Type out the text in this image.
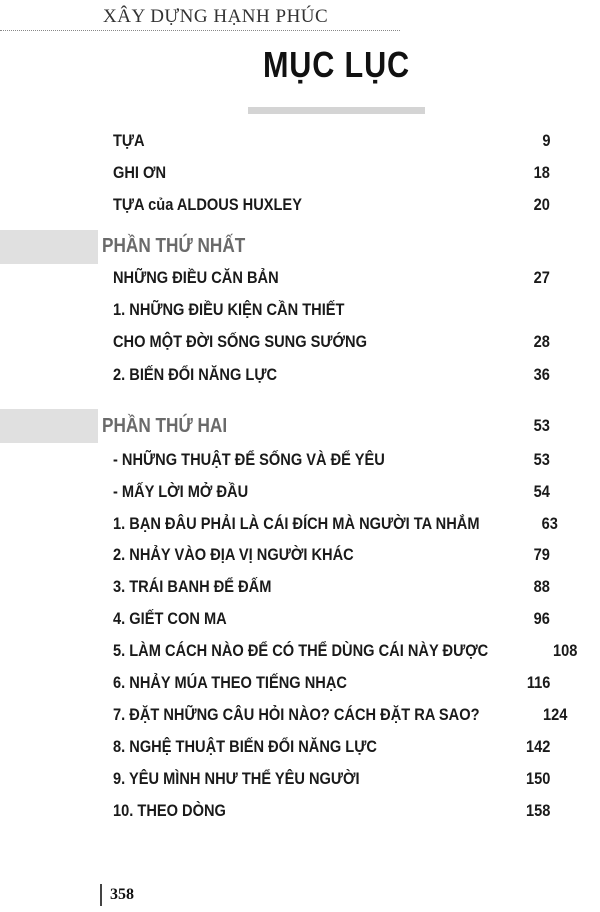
XÂY DỰNG HẠNH PHÚC
MỤC LỤC
TỰA	9
GHI ƠN	18
TỰA của ALDOUS HUXLEY	20
PHẦN THỨ NHẤT
NHỮNG ĐIỀU CĂN BẢN	27
1. NHỮNG ĐIỀU KIỆN CẦN THIẾT
CHO MỘT ĐỜI SỐNG SUNG SƯỚNG	28
2. BIẾN ĐỔI NĂNG LỰC	36
PHẦN THỨ HAI	53
- NHỮNG THUẬT ĐỂ SỐNG VÀ ĐỂ YÊU	53
- MẤY LỜI MỞ ĐẦU	54
1. BẠN ĐÂU PHẢI LÀ CÁI ĐÍCH MÀ NGƯỜI TA NHẮM	63
2. NHẢY VÀO ĐỊA VỊ NGƯỜI KHÁC	79
3. TRÁI BANH ĐỂ ĐẤM	88
4. GIẾT CON MA	96
5. LÀM CÁCH NÀO ĐỂ CÓ THỂ DÙNG CÁI NÀY ĐƯỢC	108
6. NHẢY MÚA THEO TIẾNG NHẠC	116
7. ĐẶT NHỮNG CÂU HỎI NÀO? CÁCH ĐẶT RA SAO?	124
8. NGHỆ THUẬT BIẾN ĐỔI NĂNG LỰC	142
9. YÊU MÌNH NHƯ THỂ YÊU NGƯỜI	150
10. THEO DÒNG	158
358
